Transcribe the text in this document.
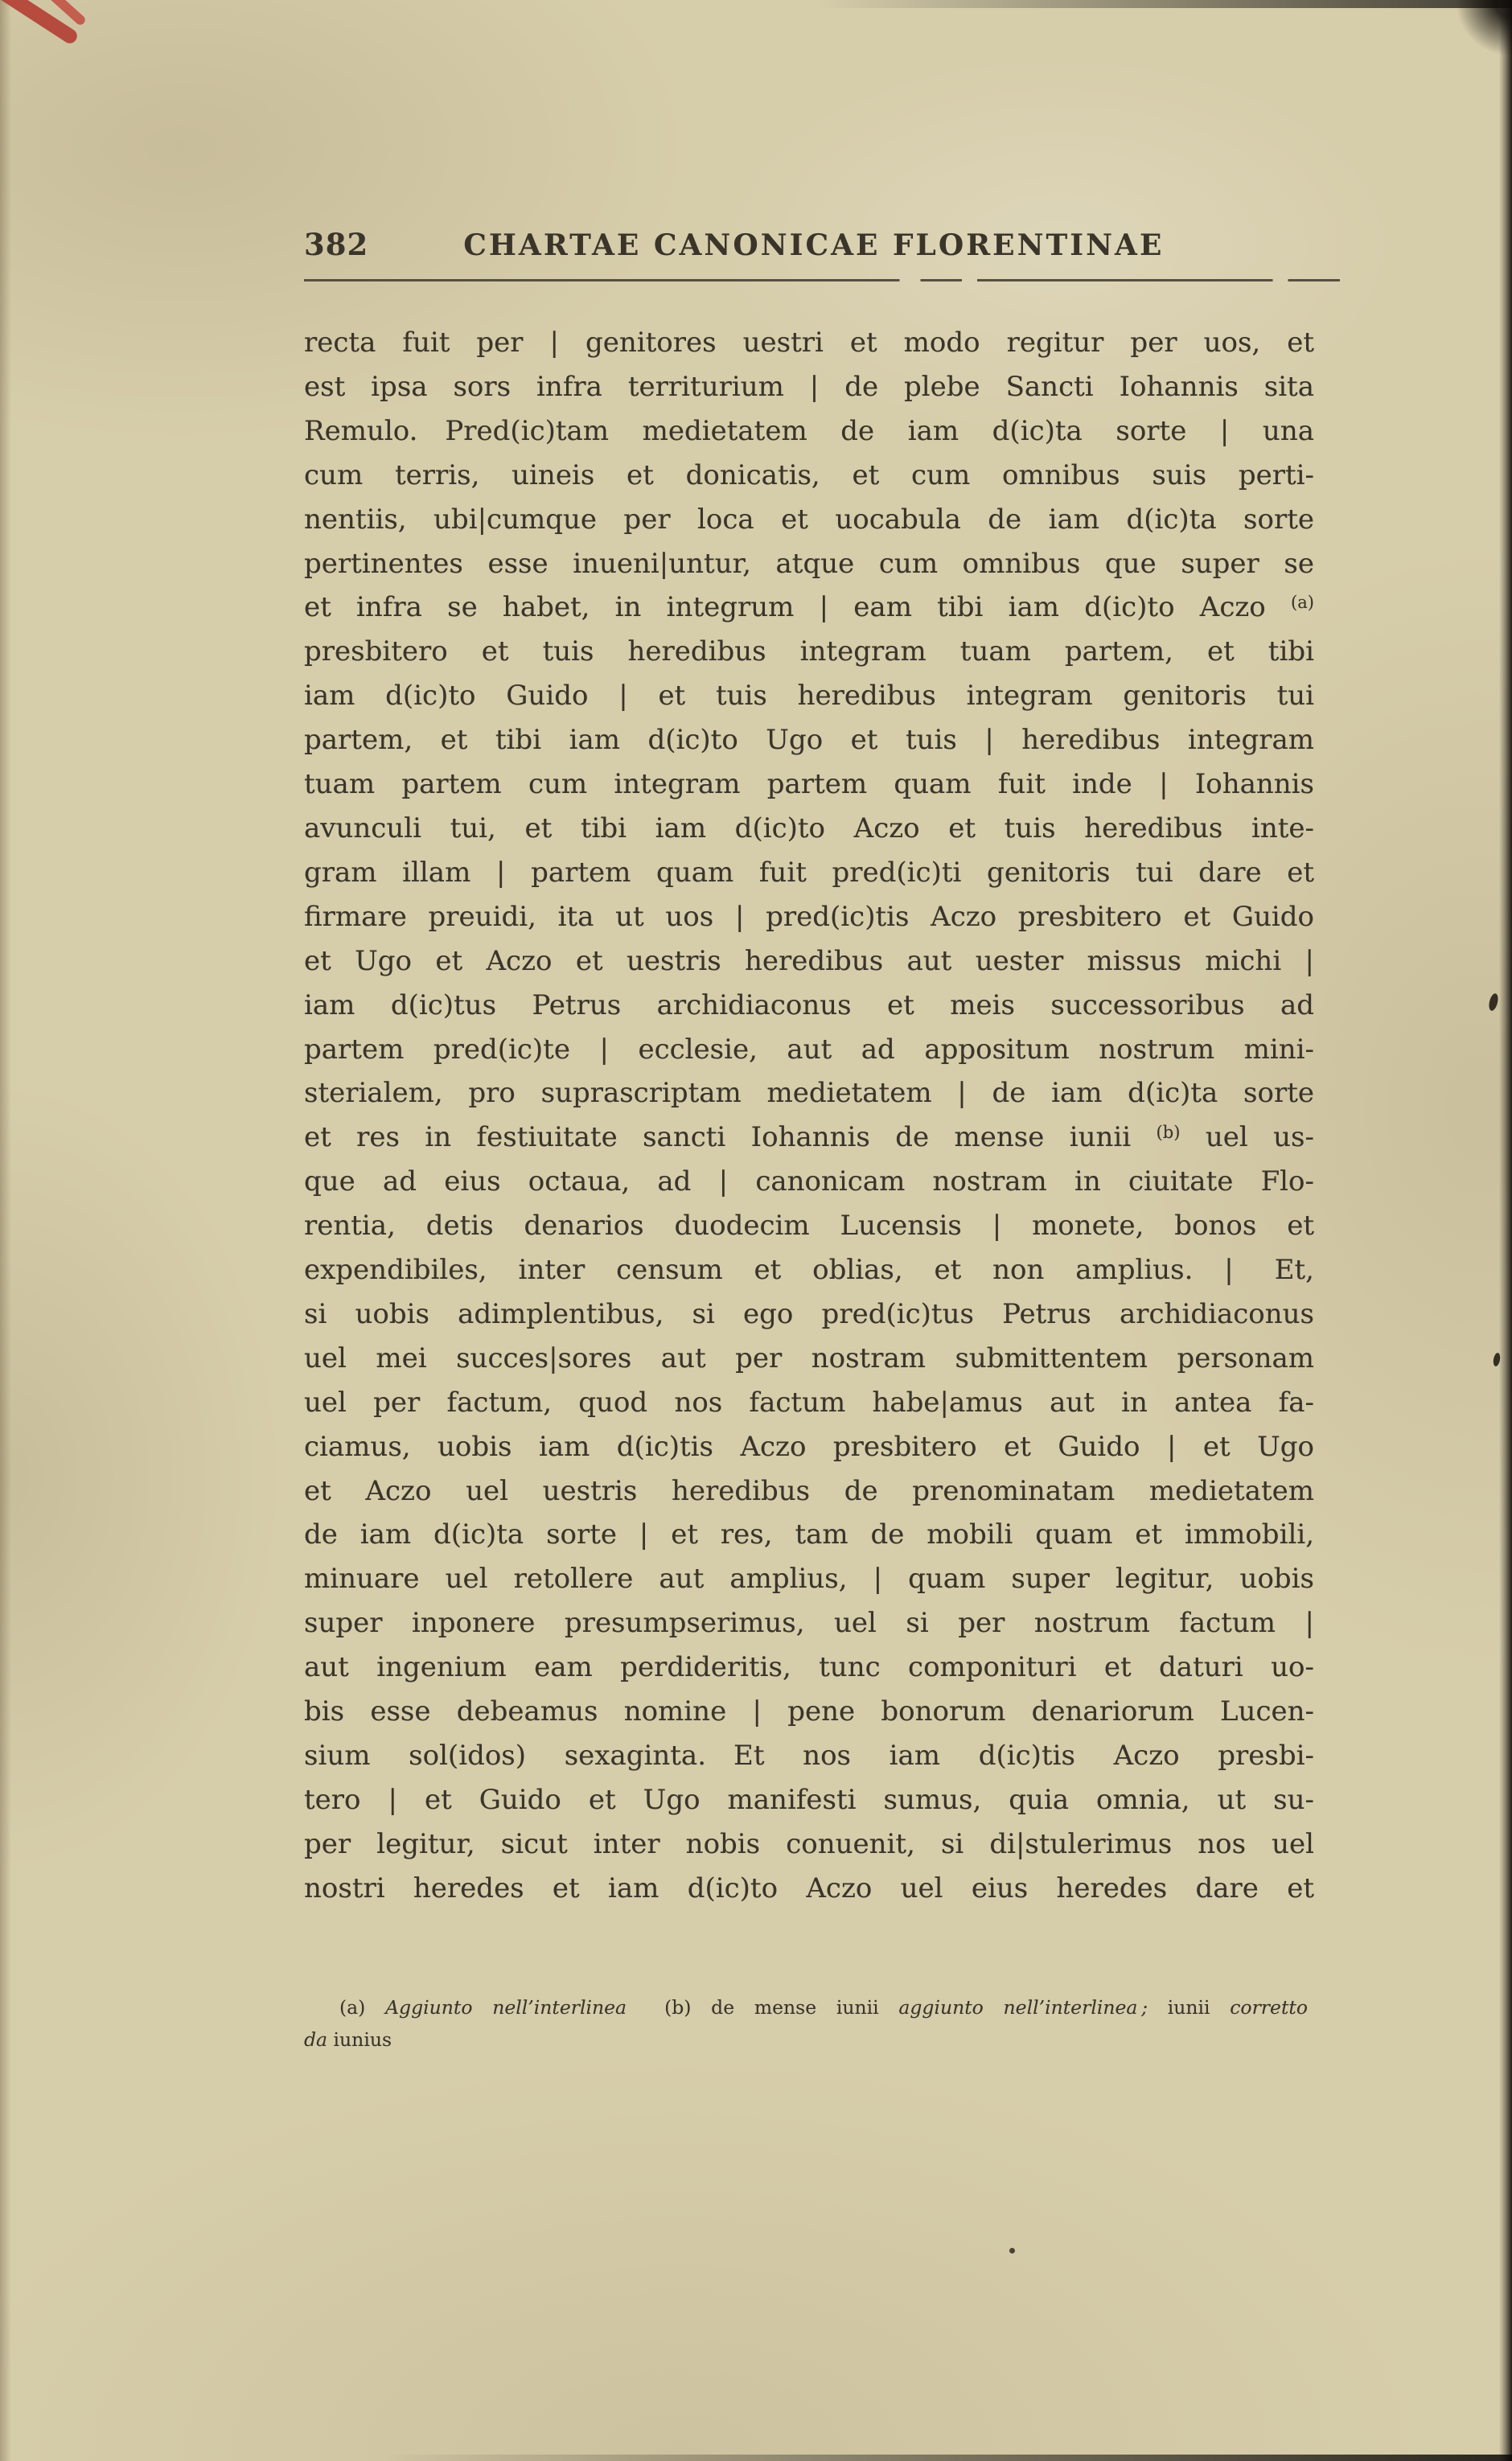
382	CHARTAE CANONICAE FLORENTINAE
recta fuit per | genitores uestri et modo regitur per uos, et
est ipsa sors infra territurium | de plebe Sancti Iohannis sita
Remulo. Pred(ic)tam medietatem de iam d(ic)ta sorte | una
cum terris, uineis et donicatis, et cum omnibus suis perti-
nentiis, ubi|cumque per loca et uocabula de iam d(ic)ta sorte
pertinentes esse inueni|untur, atque cum omnibus que super se
et infra se habet, in integrum | eam tibi iam d(ic)to Aczo $^{(a)}$
presbitero et tuis heredibus integram tuam partem, et tibi
iam d(ic)to Guido | et tuis heredibus integram genitoris tui
partem, et tibi iam d(ic)to Ugo et tuis | heredibus integram
tuam partem cum integram partem quam fuit inde | Iohannis
avunculi tui, et tibi iam d(ic)to Aczo et tuis heredibus inte-
gram illam | partem quam fuit pred(ic)ti genitoris tui dare et
firmare preuidi, ita ut uos | pred(ic)tis Aczo presbitero et Guido
et Ugo et Aczo et uestris heredibus aut uester missus michi |
iam d(ic)tus Petrus archidiaconus et meis successoribus ad
partem pred(ic)te | ecclesie, aut ad appositum nostrum mini-
sterialem, pro suprascriptam medietatem | de iam d(ic)ta sorte
et res in festiuitate sancti Iohannis de mense iunii $^{(b)}$ uel us-
que ad eius octaua, ad | canonicam nostram in ciuitate Flo-
rentia, detis denarios duodecim Lucensis | monete, bonos et
expendibiles, inter censum et oblias, et non amplius. |  Et,
si uobis adimplentibus, si ego pred(ic)tus Petrus archidiaconus
uel mei succes|sores aut per nostram submittentem personam
uel per factum, quod nos factum habe|amus aut in antea fa-
ciamus, uobis iam d(ic)tis Aczo presbitero et Guido | et Ugo
et Aczo uel uestris heredibus de prenominatam medietatem
de iam d(ic)ta sorte | et res, tam de mobili quam et immobili,
minuare uel retollere aut amplius, | quam super legitur, uobis
super inponere presumpserimus, uel si per nostrum factum |
aut ingenium eam perdideritis, tunc componituri et daturi uo-
bis esse debeamus nomine | pene bonorum denariorum Lucen-
sium sol(idos) sexaginta. Et nos iam d(ic)tis Aczo presbi-
tero | et Guido et Ugo manifesti sumus, quia omnia, ut su-
per legitur, sicut inter nobis conuenit, si di|stulerimus nos uel
nostri heredes et iam d(ic)to Aczo uel eius heredes dare et
(a) Aggiunto nell’interlinea  (b) de mense iunii aggiunto nell’interlinea ; iunii corretto
da iunius
